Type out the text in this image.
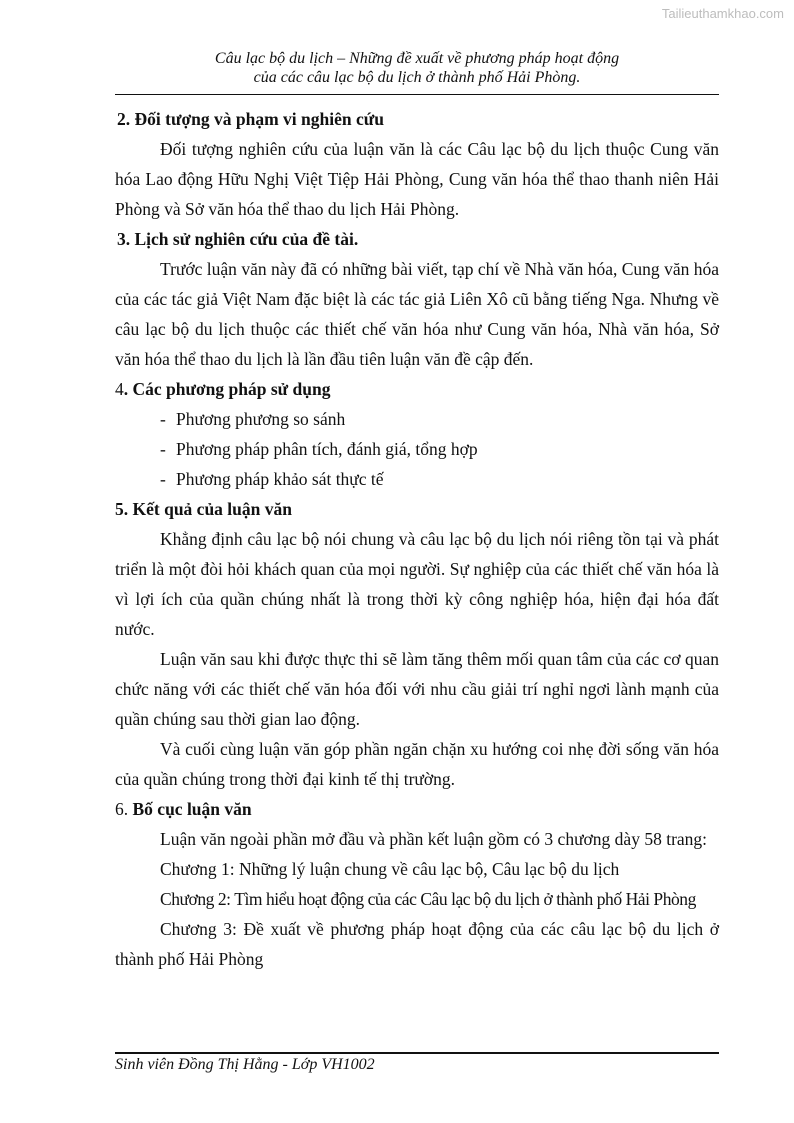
Tailieuthamkhao.com
Câu lạc bộ du lịch – Những đề xuất về phương pháp hoạt động
của các câu lạc bộ du lịch ở thành phố Hải Phòng.

2. Đối tượng và phạm vi nghiên cứu

Đối tượng nghiên cứu của luận văn là các Câu lạc bộ du lịch thuộc Cung văn hóa Lao động Hữu Nghị Việt Tiệp Hải Phòng, Cung văn hóa thể thao thanh niên Hải Phòng và Sở văn hóa thể thao du lịch Hải Phòng.

3. Lịch sử nghiên cứu của đề tài.

Trước luận văn này đã có những bài viết, tạp chí về Nhà văn hóa, Cung văn hóa của các tác giả Việt Nam đặc biệt là các tác giả Liên Xô cũ bằng tiếng Nga. Nhưng về câu lạc bộ du lịch thuộc các thiết chế văn hóa như Cung văn hóa, Nhà văn hóa, Sở văn hóa thể thao du lịch là lần đầu tiên luận văn đề cập đến.

4. Các phương pháp sử dụng

- Phương phương so sánh

- Phương pháp phân tích, đánh giá, tổng hợp

- Phương pháp khảo sát thực tế

5. Kết quả của luận văn

Khẳng định câu lạc bộ nói chung và câu lạc bộ du lịch nói riêng tồn tại và phát triển là một đòi hỏi khách quan của mọi người. Sự nghiệp của các thiết chế văn hóa là vì lợi ích của quần chúng nhất là trong thời kỳ công nghiệp hóa, hiện đại hóa đất nước.

Luận văn sau khi được thực thi sẽ làm tăng thêm mối quan tâm của các cơ quan chức năng với các thiết chế văn hóa đối với nhu cầu giải trí nghỉ ngơi lành mạnh của quần chúng sau thời gian lao động.

Và cuối cùng luận văn góp phần ngăn chặn xu hướng coi nhẹ đời sống văn hóa của quần chúng trong thời đại kinh tế thị trường.

6. Bố cục luận văn

Luận văn ngoài phần mở đầu và phần kết luận gồm có 3 chương dày 58 trang:

Chương 1: Những lý luận chung về câu lạc bộ, Câu lạc bộ du lịch

Chương 2: Tìm hiểu hoạt động của các Câu lạc bộ du lịch ở thành phố Hải Phòng

Chương 3: Đề xuất về phương pháp hoạt động của các câu lạc bộ du lịch ở thành phố Hải Phòng

Sinh viên Đồng Thị Hằng - Lớp VH1002
